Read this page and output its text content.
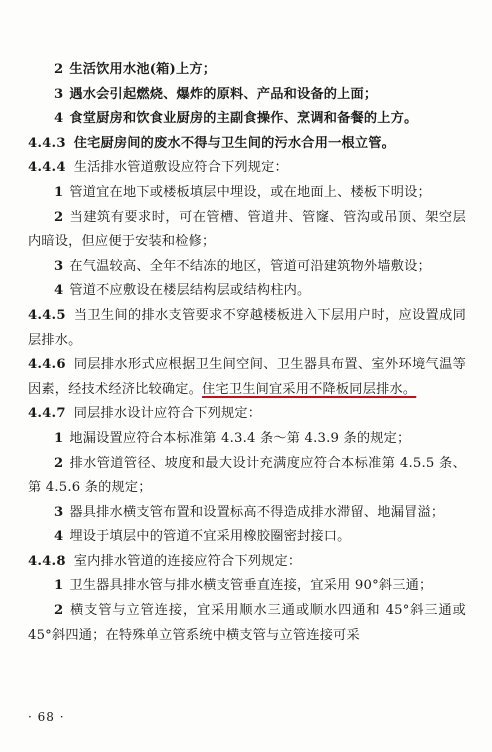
2 生活饮用水池(箱)上方；

3 遇水会引起燃烧、爆炸的原料、产品和设备的上面；

4 食堂厨房和饮食业厨房的主副食操作、烹调和备餐的上方。

4.4.3 住宅厨房间的废水不得与卫生间的污水合用一根立管。

4.4.4 生活排水管道敷设应符合下列规定：

1 管道宜在地下或楼板填层中埋设，或在地面上、楼板下明设；

2 当建筑有要求时，可在管槽、管道井、管窿、管沟或吊顶、架空层内暗设，但应便于安装和检修；

3 在气温较高、全年不结冻的地区，管道可沿建筑物外墙敷设；

4 管道不应敷设在楼层结构层或结构柱内。

4.4.5 当卫生间的排水支管要求不穿越楼板进入下层用户时，应设置成同层排水。

4.4.6 同层排水形式应根据卫生间空间、卫生器具布置、室外环境气温等因素，经技术经济比较确定。住宅卫生间宜采用不降板同层排水。

4.4.7 同层排水设计应符合下列规定：

1 地漏设置应符合本标准第 4.3.4 条～第 4.3.9 条的规定；

2 排水管道管径、坡度和最大设计充满度应符合本标准第 4.5.5 条、第 4.5.6 条的规定；

3 器具排水横支管布置和设置标高不得造成排水滞留、地漏冒溢；

4 埋设于填层中的管道不宜采用橡胶圈密封接口。

4.4.8 室内排水管道的连接应符合下列规定：

1 卫生器具排水管与排水横支管垂直连接，宜采用 90°斜三通；

2 横支管与立管连接，宜采用顺水三通或顺水四通和 45°斜三通或 45°斜四通；在特殊单立管系统中横支管与立管连接可采

· 68 ·
